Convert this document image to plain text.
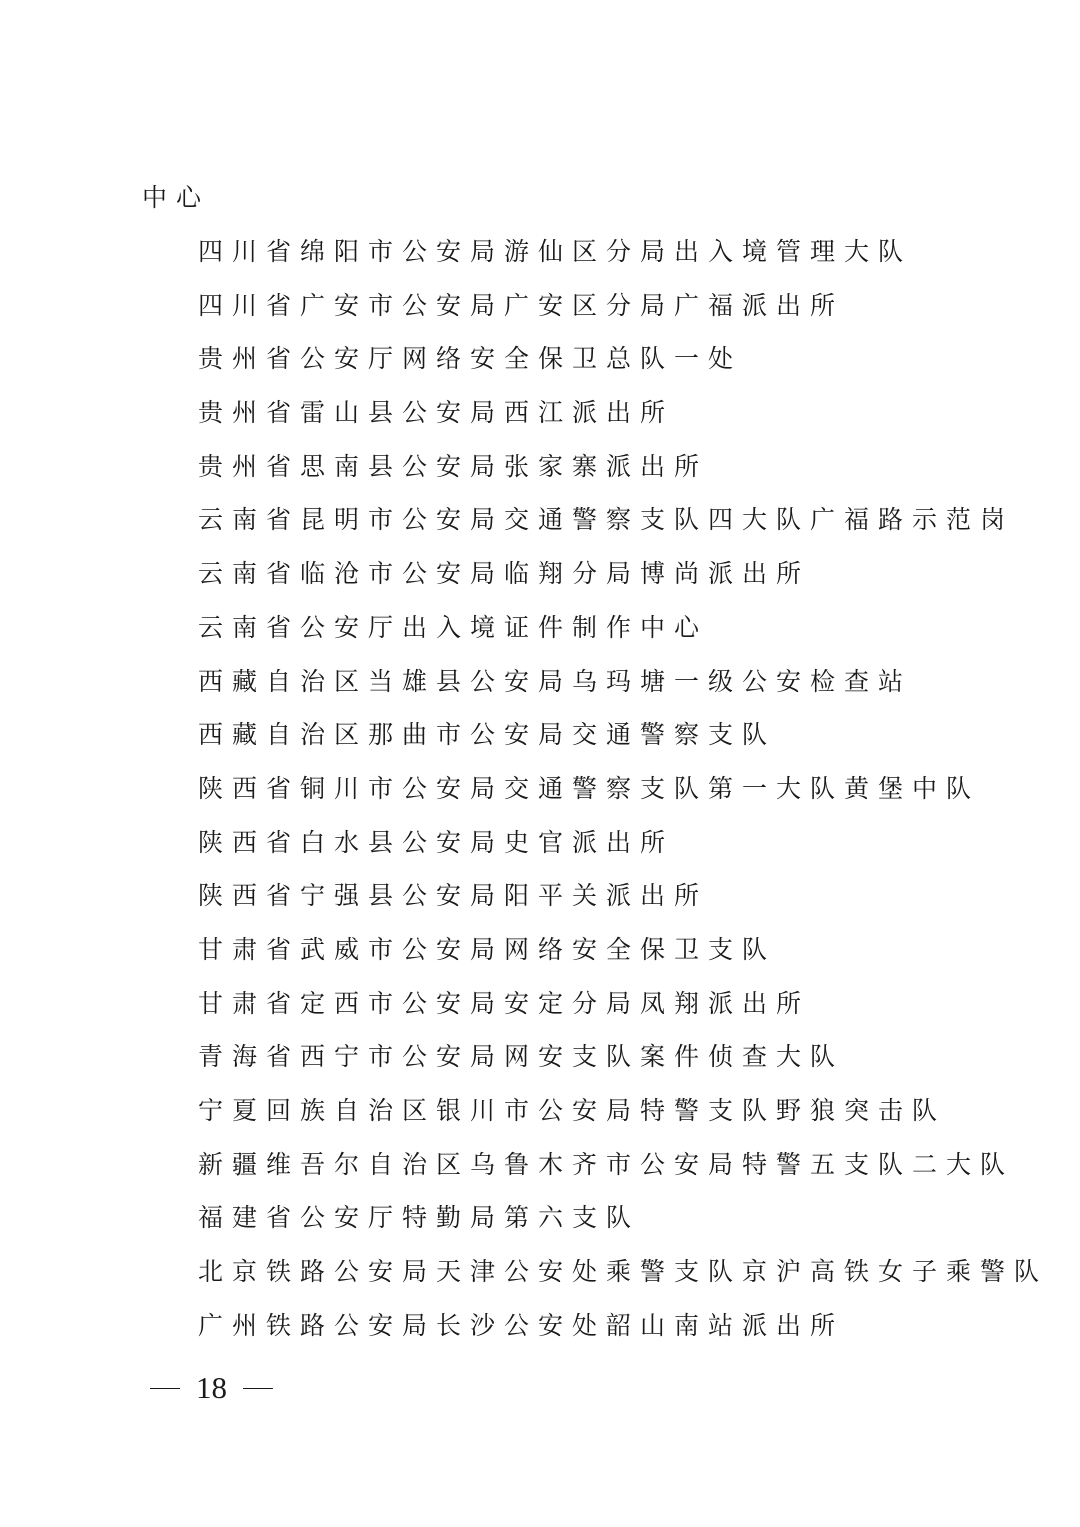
中心
四川省绵阳市公安局游仙区分局出入境管理大队
四川省广安市公安局广安区分局广福派出所
贵州省公安厅网络安全保卫总队一处
贵州省雷山县公安局西江派出所
贵州省思南县公安局张家寨派出所
云南省昆明市公安局交通警察支队四大队广福路示范岗
云南省临沧市公安局临翔分局博尚派出所
云南省公安厅出入境证件制作中心
西藏自治区当雄县公安局乌玛塘一级公安检查站
西藏自治区那曲市公安局交通警察支队
陕西省铜川市公安局交通警察支队第一大队黄堡中队
陕西省白水县公安局史官派出所
陕西省宁强县公安局阳平关派出所
甘肃省武威市公安局网络安全保卫支队
甘肃省定西市公安局安定分局凤翔派出所
青海省西宁市公安局网安支队案件侦查大队
宁夏回族自治区银川市公安局特警支队野狼突击队
新疆维吾尔自治区乌鲁木齐市公安局特警五支队二大队
福建省公安厅特勤局第六支队
北京铁路公安局天津公安处乘警支队京沪高铁女子乘警队
广州铁路公安局长沙公安处韶山南站派出所
18
